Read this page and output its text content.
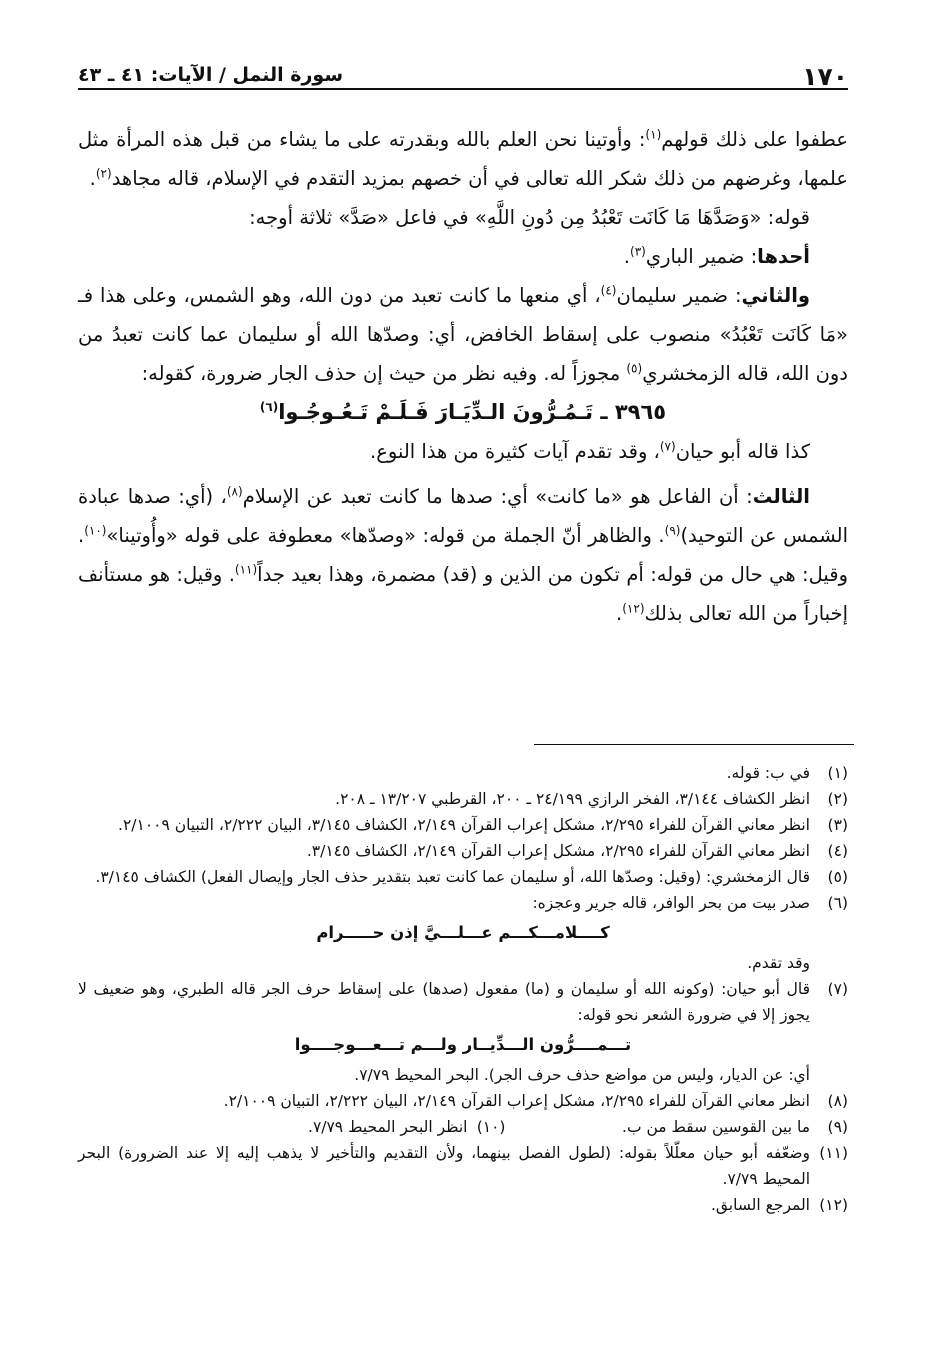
١٧٠
سورة النمل / الآيات: ٤١ ـ ٤٣

عطفوا على ذلك قولهم$^{(١)}$: وأوتينا نحن العلم بالله وبقدرته على ما يشاء من قبل هذه المرأة مثل علمها، وغرضهم من ذلك شكر الله تعالى في أن خصهم بمزيد التقدم في الإسلام، قاله مجاهد$^{(٢)}$.

قوله: «وَصَدَّهَا مَا كَانَت تَعْبُدُ مِن دُونِ اللَّهِ» في فاعل «صَدَّ» ثلاثة أوجه:

أحدها: ضمير الباري$^{(٣)}$.

والثاني: ضمير سليمان$^{(٤)}$، أي منعها ما كانت تعبد من دون الله، وهو الشمس، وعلى هذا فـ «مَا كَانَت تَعْبُدُ» منصوب على إسقاط الخافض، أي: وصدّها الله أو سليمان عما كانت تعبدُ من دون الله، قاله الزمخشري$^{(٥)}$ مجوزاً له. وفيه نظر من حيث إن حذف الجار ضرورة، كقوله:

٣٩٦٥ ـ تَـمُـرُّونَ الـدِّيَـارَ فَـلَـمْ تَـعُـوجُـوا$^{(٦)}$

كذا قاله أبو حيان$^{(٧)}$، وقد تقدم آيات كثيرة من هذا النوع.

الثالث: أن الفاعل هو «ما كانت» أي: صدها ما كانت تعبد عن الإسلام$^{(٨)}$، (أي: صدها عبادة الشمس عن التوحيد)$^{(٩)}$. والظاهر أنّ الجملة من قوله: «وصدّها» معطوفة على قوله «وأُوتينا»$^{(١٠)}$. وقيل: هي حال من قوله: أم تكون من الذين و (قد) مضمرة، وهذا بعيد جداً$^{(١١)}$. وقيل: هو مستأنف إخباراً من الله تعالى بذلك$^{(١٢)}$.

(١)
في ب: قوله.
(٢)
انظر الكشاف ٣/١٤٤، الفخر الرازي ٢٤/١٩٩ ـ ٢٠٠، القرطبي ١٣/٢٠٧ ـ ٢٠٨.
(٣)
انظر معاني القرآن للفراء ٢/٢٩٥، مشكل إعراب القرآن ٢/١٤٩، الكشاف ٣/١٤٥، البيان ٢/٢٢٢، التبيان ٢/١٠٠٩.
(٤)
انظر معاني القرآن للفراء ٢/٢٩٥، مشكل إعراب القرآن ٢/١٤٩، الكشاف ٣/١٤٥.
(٥)
قال الزمخشري: (وقيل: وصدّها الله، أو سليمان عما كانت تعبد بتقدير حذف الجار وإيصال الفعل) الكشاف ٣/١٤٥.
(٦)
صدر بيت من بحر الوافر، قاله جرير وعجزه:
كــــلامـــكـــم عـــلـــيَّ إذن حـــــرام
وقد تقدم.
(٧)
قال أبو حيان: (وكونه الله أو سليمان و (ما) مفعول (صدها) على إسقاط حرف الجر قاله الطبري، وهو ضعيف لا يجوز إلا في ضرورة الشعر نحو قوله:
تـــمــــرُّون الـــدِّيــار ولـــم تـــعـــوجــــوا
أي: عن الديار، وليس من مواضع حذف حرف الجر). البحر المحيط ٧/٧٩.
(٨)
انظر معاني القرآن للفراء ٢/٢٩٥، مشكل إعراب القرآن ٢/١٤٩، البيان ٢/٢٢٢، التبيان ٢/١٠٠٩.
(٩)
ما بين القوسين سقط من ب.
(١٠)
انظر البحر المحيط ٧/٧٩.
(١١)
وضعّفه أبو حيان معلّلاً بقوله: (لطول الفصل بينهما، ولأن التقديم والتأخير لا يذهب إليه إلا عند الضرورة) البحر المحيط ٧/٧٩.
(١٢)
المرجع السابق.
